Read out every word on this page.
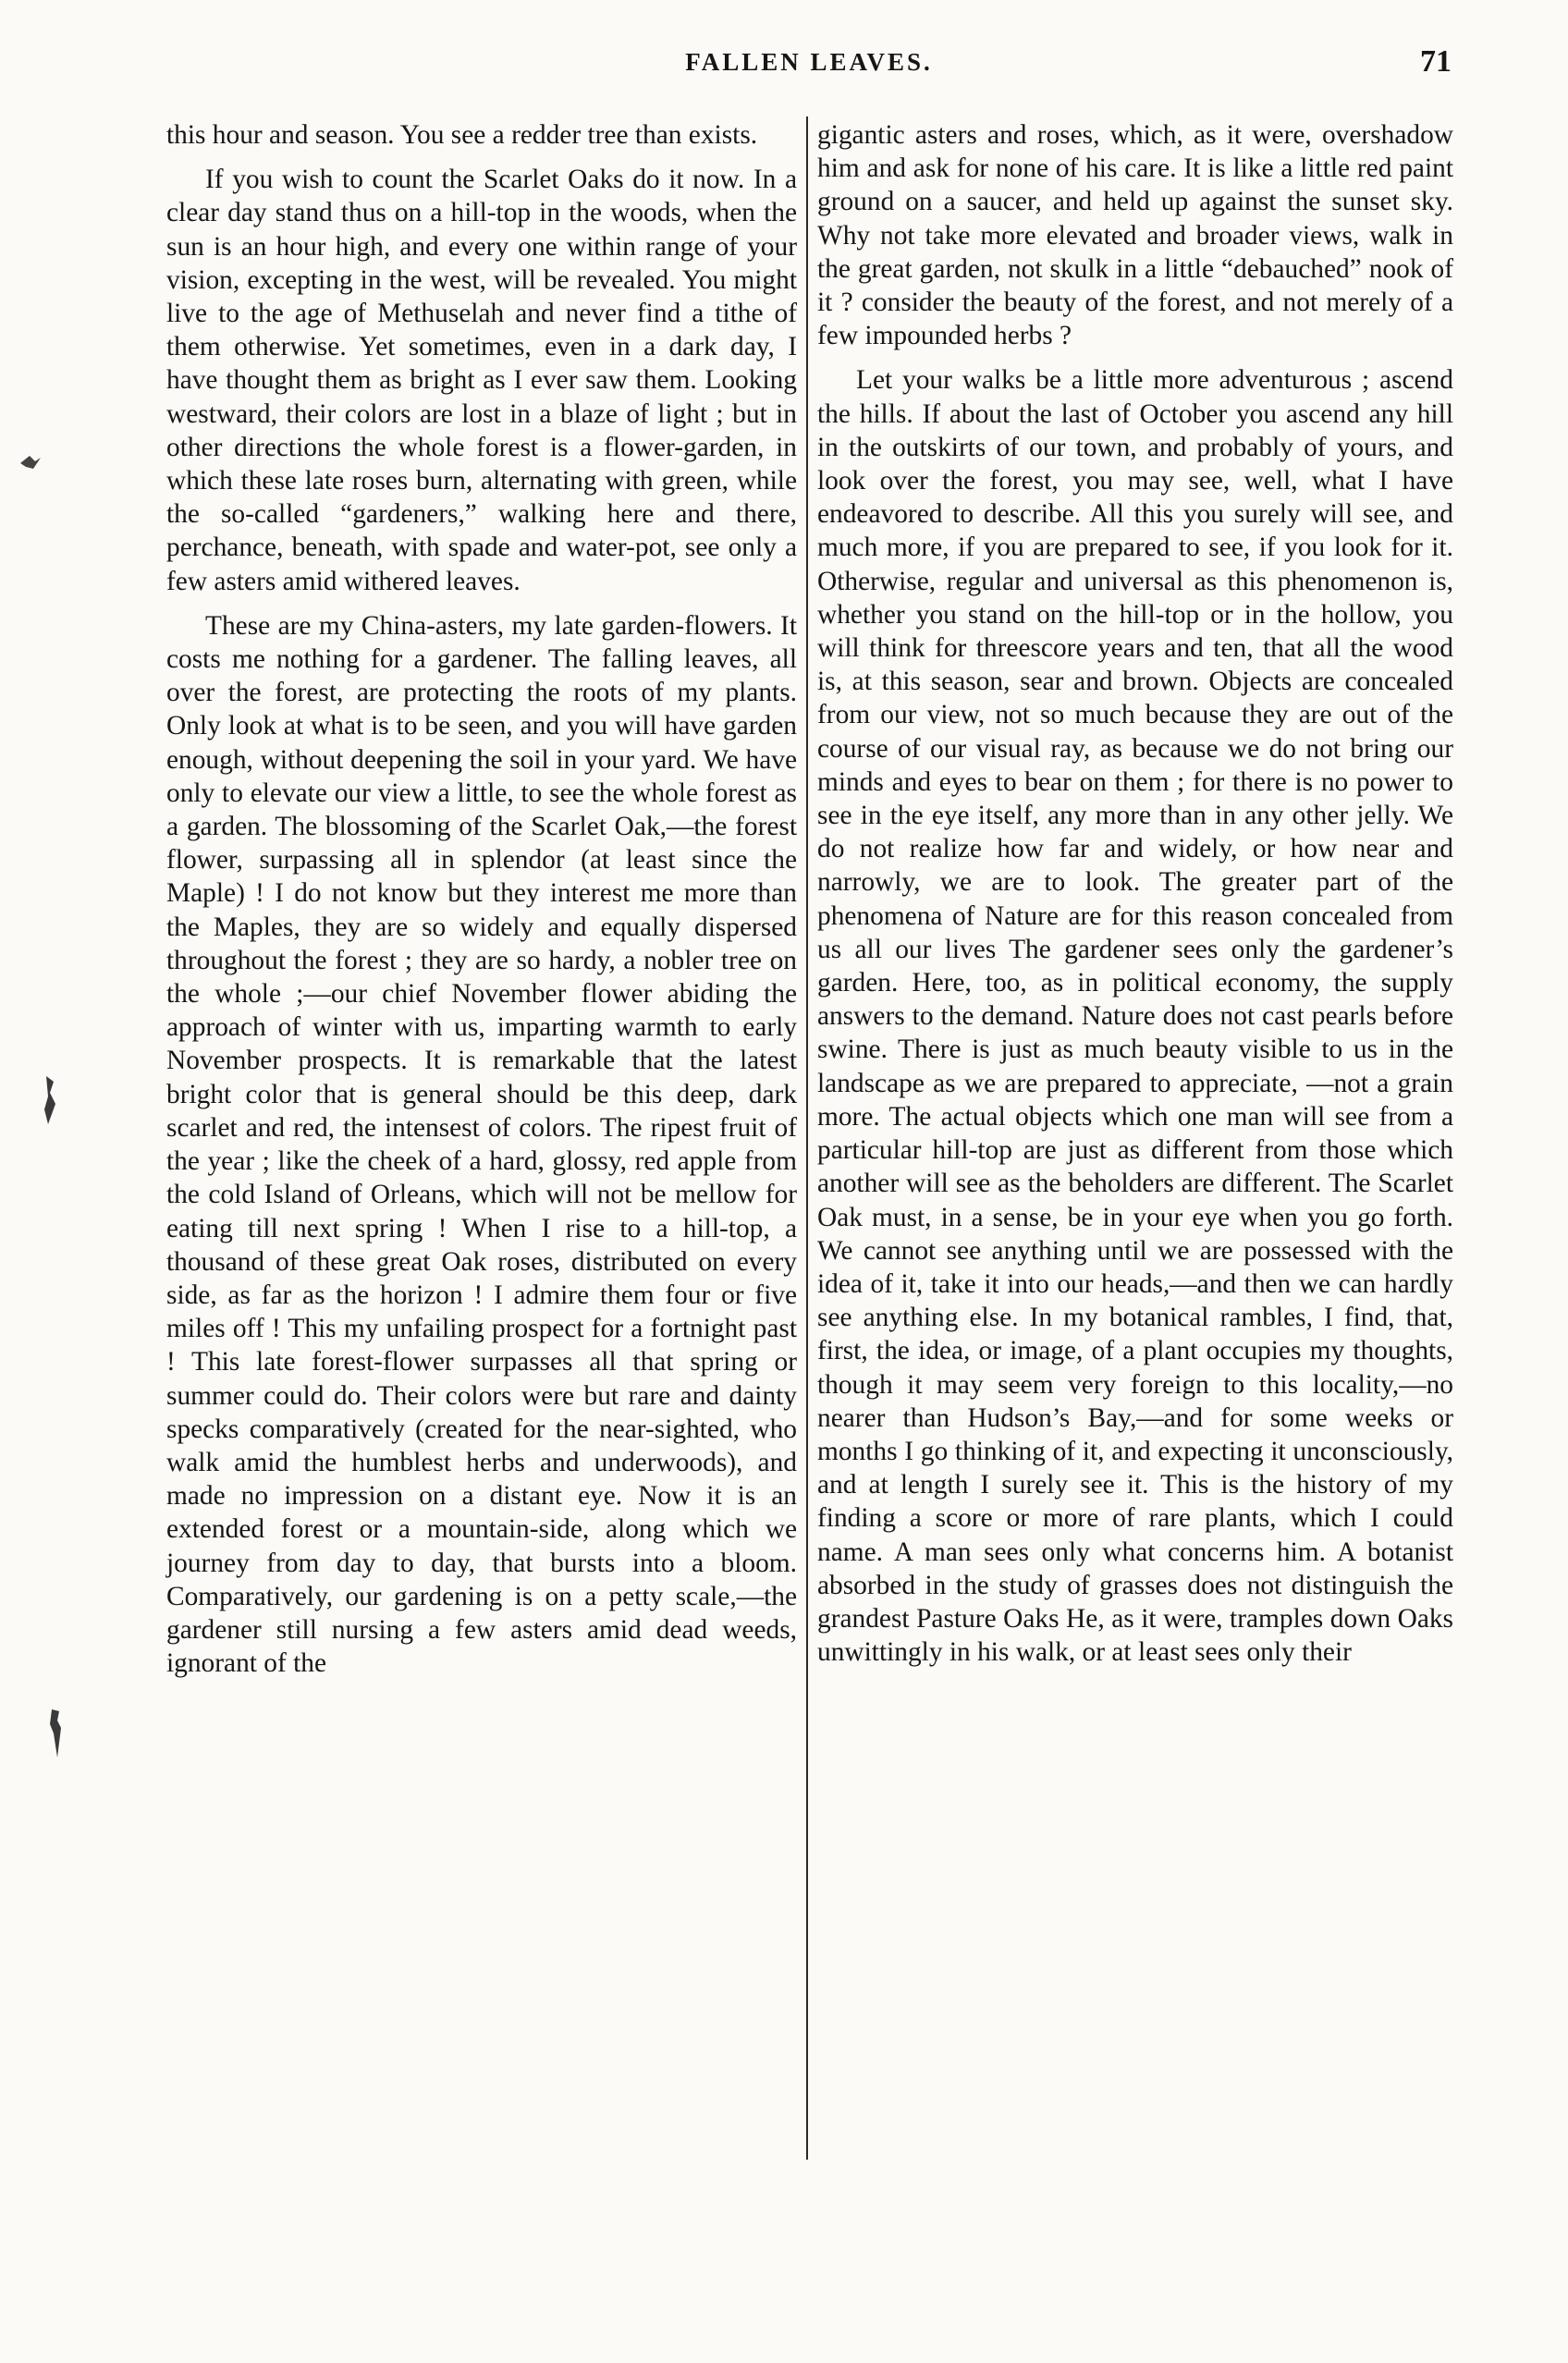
FALLEN LEAVES.	71

this hour and season. You see a redder tree than exists.

If you wish to count the Scarlet Oaks do it now. In a clear day stand thus on a hill-top in the woods, when the sun is an hour high, and every one within range of your vision, excepting in the west, will be revealed. You might live to the age of Methuselah and never find a tithe of them otherwise. Yet sometimes, even in a dark day, I have thought them as bright as I ever saw them. Looking westward, their colors are lost in a blaze of light ; but in other directions the whole forest is a flower-garden, in which these late roses burn, alternating with green, while the so-called “gardeners,” walking here and there, perchance, beneath, with spade and water-pot, see only a few asters amid withered leaves.

These are my China-asters, my late garden-flowers. It costs me nothing for a gardener. The falling leaves, all over the forest, are protecting the roots of my plants. Only look at what is to be seen, and you will have garden enough, without deepening the soil in your yard. We have only to elevate our view a little, to see the whole forest as a garden. The blossoming of the Scarlet Oak,—the forest flower, surpassing all in splendor (at least since the Maple) ! I do not know but they interest me more than the Maples, they are so widely and equally dispersed throughout the forest ; they are so hardy, a nobler tree on the whole ;—our chief November flower abiding the approach of winter with us, imparting warmth to early November prospects. It is remarkable that the latest bright color that is general should be this deep, dark scarlet and red, the intensest of colors. The ripest fruit of the year ; like the cheek of a hard, glossy, red apple from the cold Island of Orleans, which will not be mellow for eating till next spring ! When I rise to a hill-top, a thousand of these great Oak roses, distributed on every side, as far as the horizon ! I admire them four or five miles off ! This my unfailing prospect for a fortnight past ! This late forest-flower surpasses all that spring or summer could do. Their colors were but rare and dainty specks comparatively (created for the near-sighted, who walk amid the humblest herbs and underwoods), and made no impression on a distant eye. Now it is an extended forest or a mountain-side, along which we journey from day to day, that bursts into a bloom. Comparatively, our gardening is on a petty scale,—the gardener still nursing a few asters amid dead weeds, ignorant of the

gigantic asters and roses, which, as it were, overshadow him and ask for none of his care. It is like a little red paint ground on a saucer, and held up against the sunset sky. Why not take more elevated and broader views, walk in the great garden, not skulk in a little “debauched” nook of it ? consider the beauty of the forest, and not merely of a few impounded herbs ?

Let your walks be a little more adventurous ; ascend the hills. If about the last of October you ascend any hill in the outskirts of our town, and probably of yours, and look over the forest, you may see, well, what I have endeavored to describe. All this you surely will see, and much more, if you are prepared to see, if you look for it. Otherwise, regular and universal as this phenomenon is, whether you stand on the hill-top or in the hollow, you will think for threescore years and ten, that all the wood is, at this season, sear and brown. Objects are concealed from our view, not so much because they are out of the course of our visual ray, as because we do not bring our minds and eyes to bear on them ; for there is no power to see in the eye itself, any more than in any other jelly. We do not realize how far and widely, or how near and narrowly, we are to look. The greater part of the phenomena of Nature are for this reason concealed from us all our lives The gardener sees only the gardener’s garden. Here, too, as in political economy, the supply answers to the demand. Nature does not cast pearls before swine. There is just as much beauty visible to us in the landscape as we are prepared to appreciate, —not a grain more. The actual objects which one man will see from a particular hill-top are just as different from those which another will see as the beholders are different. The Scarlet Oak must, in a sense, be in your eye when you go forth. We cannot see anything until we are possessed with the idea of it, take it into our heads,—and then we can hardly see anything else. In my botanical rambles, I find, that, first, the idea, or image, of a plant occupies my thoughts, though it may seem very foreign to this locality,—no nearer than Hudson’s Bay,—and for some weeks or months I go thinking of it, and expecting it unconsciously, and at length I surely see it. This is the history of my finding a score or more of rare plants, which I could name. A man sees only what concerns him. A botanist absorbed in the study of grasses does not distinguish the grandest Pasture Oaks He, as it were, tramples down Oaks unwittingly in his walk, or at least sees only their
